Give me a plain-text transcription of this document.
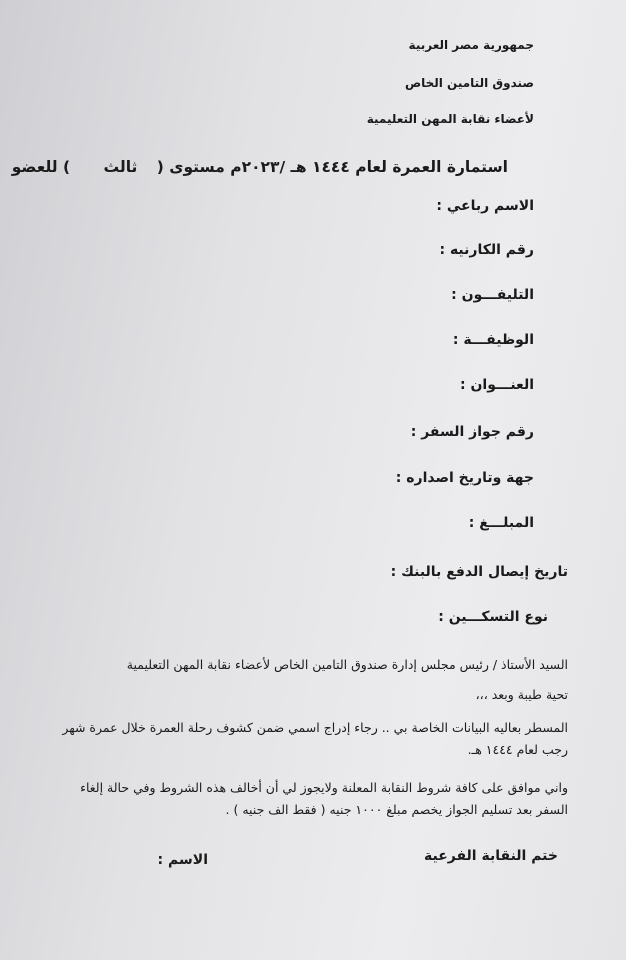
جمهورية مصر العربية
صندوق التامين الخاص
لأعضاء نقابة المهن التعليمية
استمارة العمرة لعام ١٤٤٤ هـ /٢٠٢٣م مستوى ( ثالث ) للعضو
الاسم رباعي :
رقم الكارنيه :
التليفـــون :
الوظيفـــة :
العنـــوان :
رقم جواز السفر :
جهة وتاريخ اصداره :
المبلـــغ :
تاريخ إيصال الدفع بالبنك :
نوع التسكـــين :
السيد الأستاذ / رئيس مجلس إدارة صندوق التامين الخاص لأعضاء نقابة المهن التعليمية
تحية طيبة وبعد ،،،
المسطر بعاليه البيانات الخاصة بي .. رجاء إدراج اسمي ضمن كشوف رحلة العمرة خلال عمرة شهر رجب لعام ١٤٤٤ هـ.
واني موافق على كافة شروط النقابة المعلنة ولايجوز لي أن أخالف هذه الشروط وفي حالة إلغاء السفر بعد تسليم الجواز يخصم مبلغ ١٠٠٠ جنيه ( فقط الف جنيه ) .
ختم النقابة الفرعية
الاسم :
